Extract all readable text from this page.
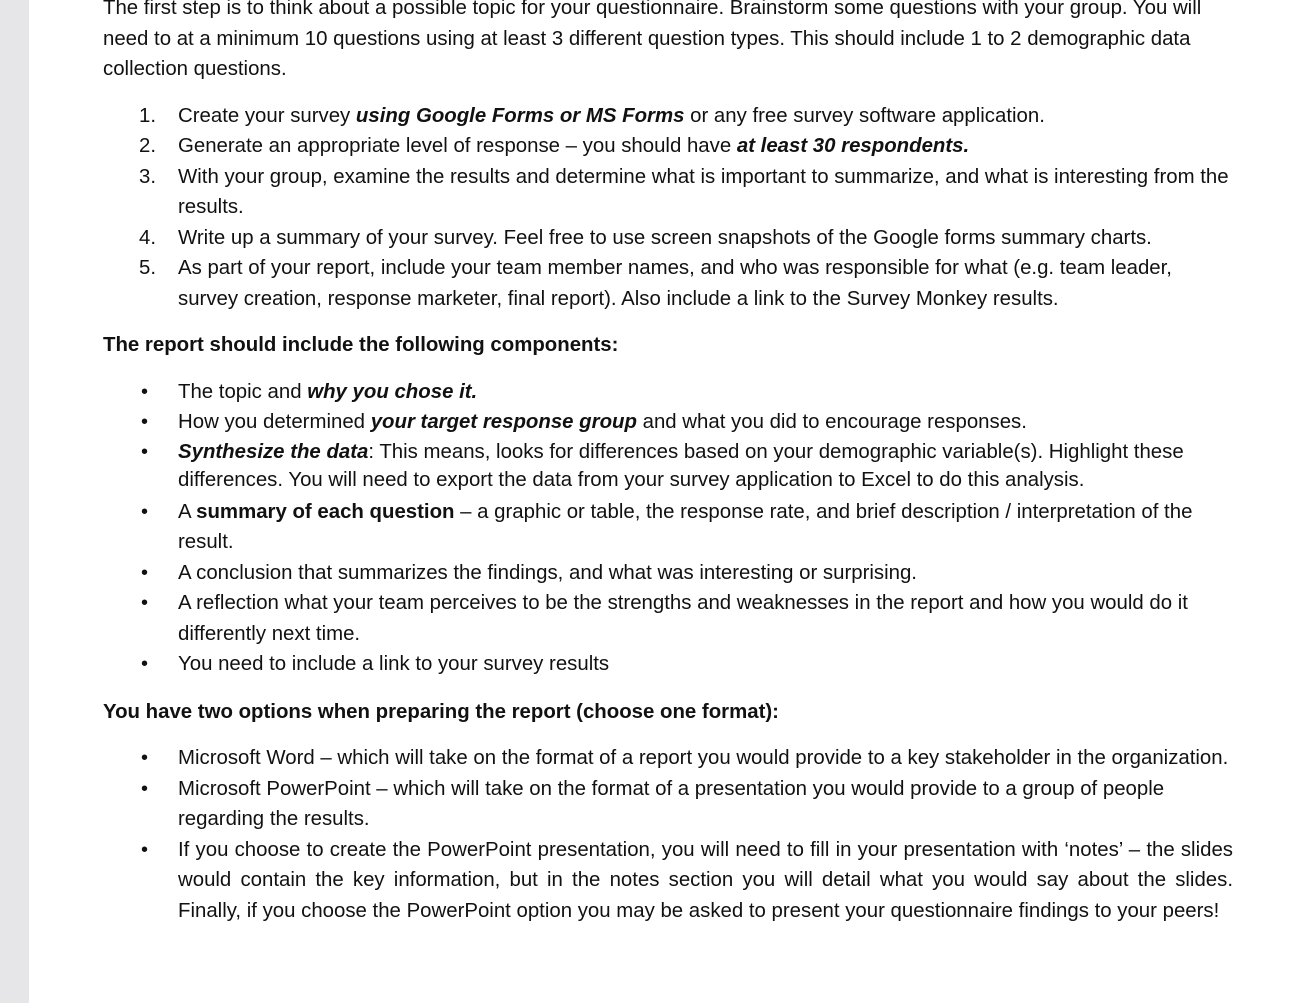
The first step is to think about a possible topic for your questionnaire. Brainstorm some questions with your group. You will need to at a minimum 10 questions using at least 3 different question types. This should include 1 to 2 demographic data collection questions.

1. Create your survey using Google Forms or MS Forms or any free survey software application.
2. Generate an appropriate level of response – you should have at least 30 respondents.
3. With your group, examine the results and determine what is important to summarize, and what is interesting from the results.
4. Write up a summary of your survey. Feel free to use screen snapshots of the Google forms summary charts.
5. As part of your report, include your team member names, and who was responsible for what (e.g. team leader, survey creation, response marketer, final report). Also include a link to the Survey Monkey results.

The report should include the following components:

• The topic and why you chose it.
• How you determined your target response group and what you did to encourage responses.
• Synthesize the data: This means, looks for differences based on your demographic variable(s). Highlight these differences. You will need to export the data from your survey application to Excel to do this analysis.
• A summary of each question – a graphic or table, the response rate, and brief description / interpretation of the result.
• A conclusion that summarizes the findings, and what was interesting or surprising.
• A reflection what your team perceives to be the strengths and weaknesses in the report and how you would do it differently next time.
• You need to include a link to your survey results

You have two options when preparing the report (choose one format):

• Microsoft Word – which will take on the format of a report you would provide to a key stakeholder in the organization.
• Microsoft PowerPoint – which will take on the format of a presentation you would provide to a group of people regarding the results.
• If you choose to create the PowerPoint presentation, you will need to fill in your presentation with ‘notes’ – the slides would contain the key information, but in the notes section you will detail what you would say about the slides. Finally, if you choose the PowerPoint option you may be asked to present your questionnaire findings to your peers!
